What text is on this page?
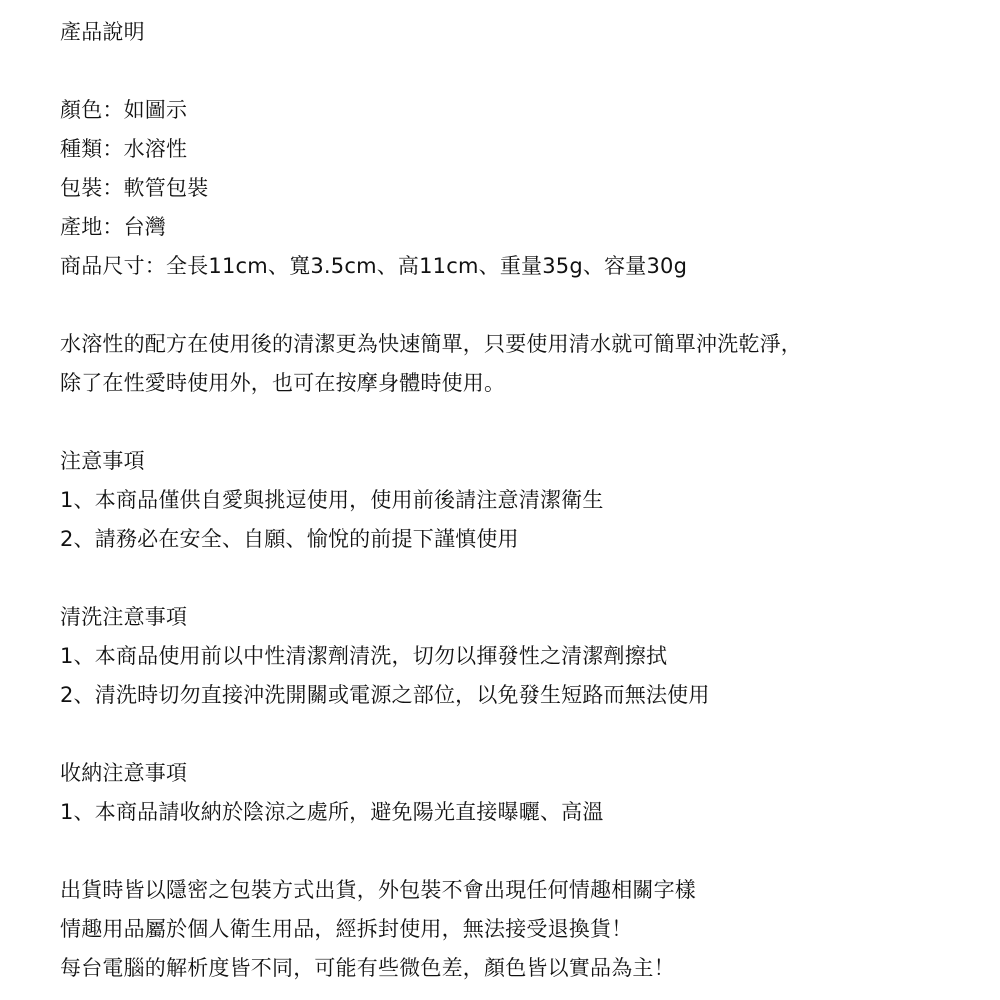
產品說明
顏色：如圖示
種類：水溶性
包裝：軟管包裝
產地：台灣
商品尺寸：全長11cm、寬3.5cm、高11cm、重量35g、容量30g
水溶性的配方在使用後的清潔更為快速簡單，只要使用清水就可簡單沖洗乾淨，
除了在性愛時使用外，也可在按摩身體時使用。
注意事項
1、本商品僅供自愛與挑逗使用，使用前後請注意清潔衛生
2、請務必在安全、自願、愉悅的前提下謹慎使用
清洗注意事項
1、本商品使用前以中性清潔劑清洗，切勿以揮發性之清潔劑擦拭
2、清洗時切勿直接沖洗開關或電源之部位，以免發生短路而無法使用
收納注意事項
1、本商品請收納於陰涼之處所，避免陽光直接曝曬、高溫
出貨時皆以隱密之包裝方式出貨，外包裝不會出現任何情趣相關字樣
情趣用品屬於個人衛生用品，經拆封使用，無法接受退換貨！
每台電腦的解析度皆不同，可能有些微色差，顏色皆以實品為主！
